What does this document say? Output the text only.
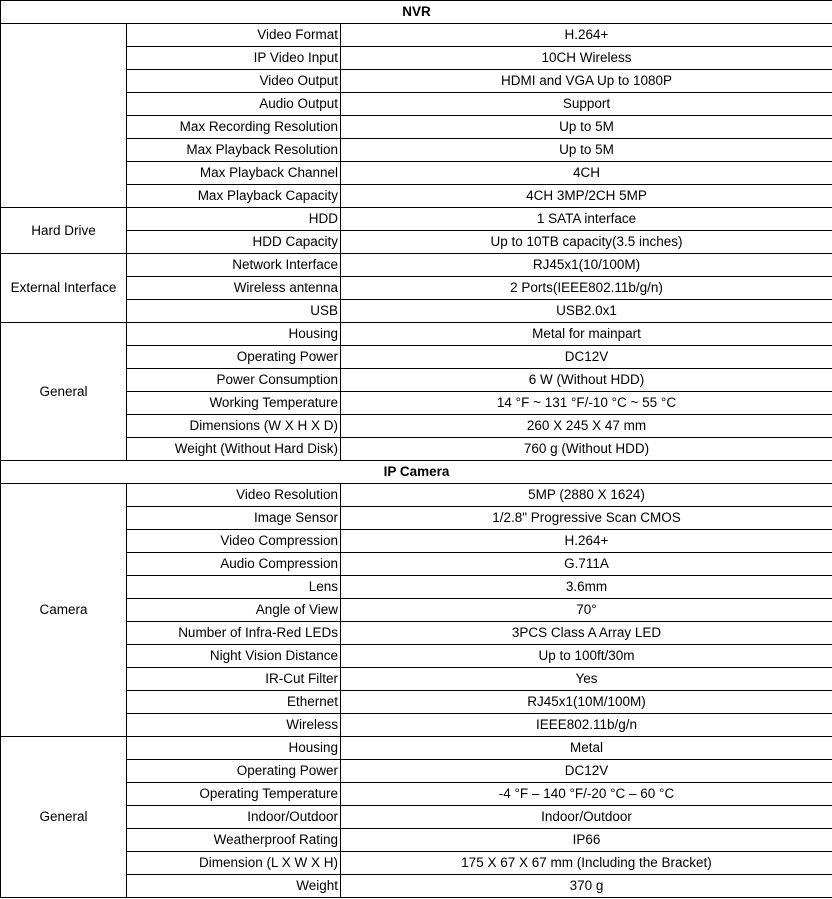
NVR		
	Video Format	H.264+
	IP Video Input	10CH Wireless
	Video Output	HDMI and VGA Up to 1080P
	Audio Output	Support
	Max Recording Resolution	Up to 5M
	Max Playback Resolution	Up to 5M
	Max Playback Channel	4CH
	Max Playback Capacity	4CH 3MP/2CH 5MP
Hard Drive	HDD	1 SATA interface
	HDD Capacity	Up to 10TB capacity(3.5 inches)
External Interface	Network Interface	RJ45x1(10/100M)
	Wireless antenna	2 Ports(IEEE802.11b/g/n)
	USB	USB2.0x1
General	Housing	Metal for mainpart
	Operating Power	DC12V
	Power Consumption	6 W (Without HDD)
	Working Temperature	14 °F ~ 131 °F/-10 °C ~ 55 °C
	Dimensions (W X H X D)	260 X 245 X 47 mm
	Weight (Without Hard Disk)	760 g (Without HDD)
IP Camera		
Camera	Video Resolution	5MP (2880 X 1624)
	Image Sensor	1/2.8" Progressive Scan CMOS
	Video Compression	H.264+
	Audio Compression	G.711A
	Lens	3.6mm
	Angle of View	70°
	Number of Infra-Red LEDs	3PCS Class A Array LED
	Night Vision Distance	Up to 100ft/30m
	IR-Cut Filter	Yes
	Ethernet	RJ45x1(10M/100M)
	Wireless	IEEE802.11b/g/n
General	Housing	Metal
	Operating Power	DC12V
	Operating Temperature	-4 °F – 140 °F/-20 °C – 60 °C
	Indoor/Outdoor	Indoor/Outdoor
	Weatherproof Rating	IP66
	Dimension (L X W X H)	175 X 67 X 67 mm (Including the Bracket)
	Weight	370 g
